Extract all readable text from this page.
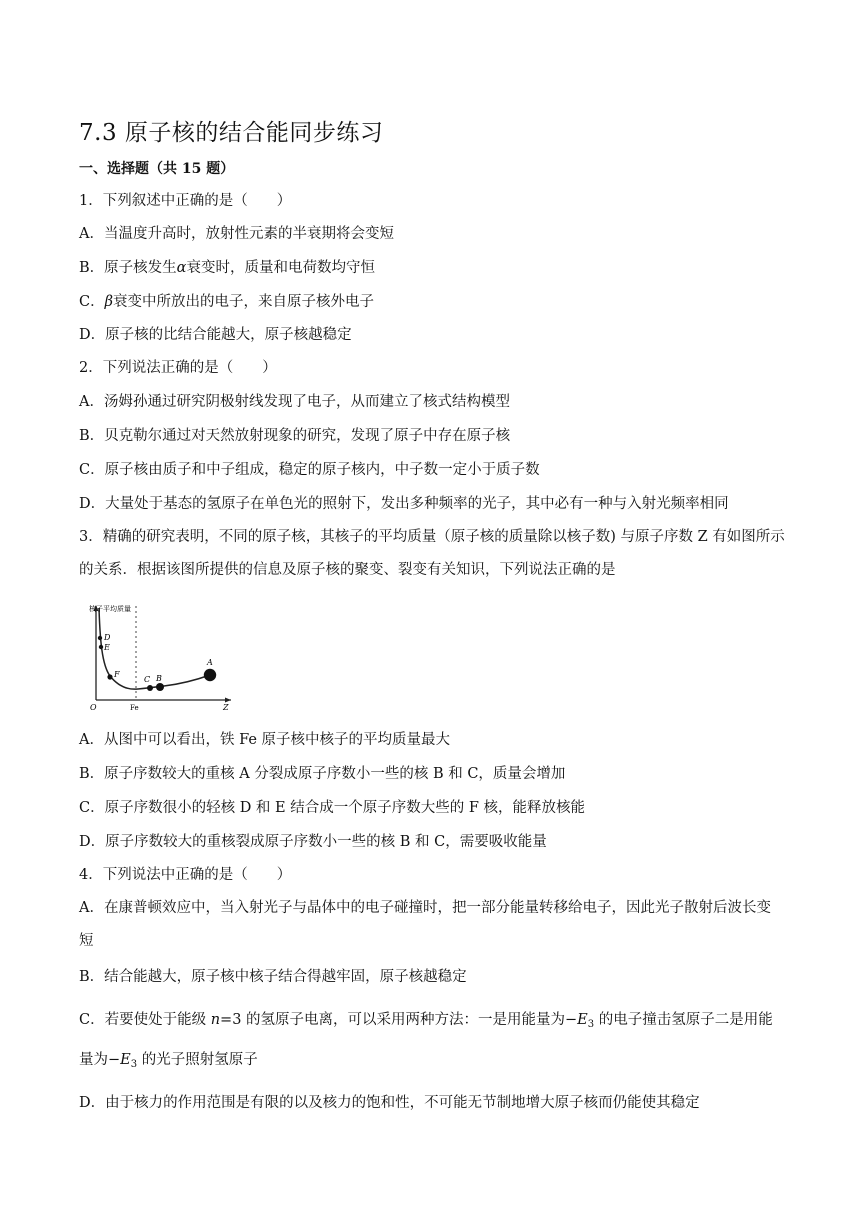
7.3 原子核的结合能同步练习
一、选择题（共 15 题）
1．下列叙述中正确的是（　　）
A．当温度升高时，放射性元素的半衰期将会变短
B．原子核发生α衰变时，质量和电荷数均守恒
C．β衰变中所放出的电子，来自原子核外电子
D．原子核的比结合能越大，原子核越稳定
2．下列说法正确的是（　　）
A．汤姆孙通过研究阴极射线发现了电子，从而建立了核式结构模型
B．贝克勒尔通过对天然放射现象的研究，发现了原子中存在原子核
C．原子核由质子和中子组成，稳定的原子核内，中子数一定小于质子数
D．大量处于基态的氢原子在单色光的照射下，发出多种频率的光子，其中必有一种与入射光频率相同
3．精确的研究表明，不同的原子核，其核子的平均质量（原子核的质量除以核子数) 与原子序数 Z 有如图所示的关系．根据该图所提供的信息及原子核的聚变、裂变有关知识，下列说法正确的是
核子平均质量
D
E
F
C B
A
O	Fe	Z
A．从图中可以看出，铁 Fe 原子核中核子的平均质量最大
B．原子序数较大的重核 A 分裂成原子序数小一些的核 B 和 C，质量会增加
C．原子序数很小的轻核 D 和 E 结合成一个原子序数大些的 F 核，能释放核能
D．原子序数较大的重核裂成原子序数小一些的核 B 和 C，需要吸收能量
4．下列说法中正确的是（　　）
A．在康普顿效应中，当入射光子与晶体中的电子碰撞时，把一部分能量转移给电子，因此光子散射后波长变短
B．结合能越大，原子核中核子结合得越牢固，原子核越稳定
C．若要使处于能级 n=3 的氢原子电离，可以采用两种方法：一是用能量为$-E_3$ 的电子撞击氢原子二是用能
量为$-E_3$ 的光子照射氢原子
D．由于核力的作用范围是有限的以及核力的饱和性，不可能无节制地增大原子核而仍能使其稳定
